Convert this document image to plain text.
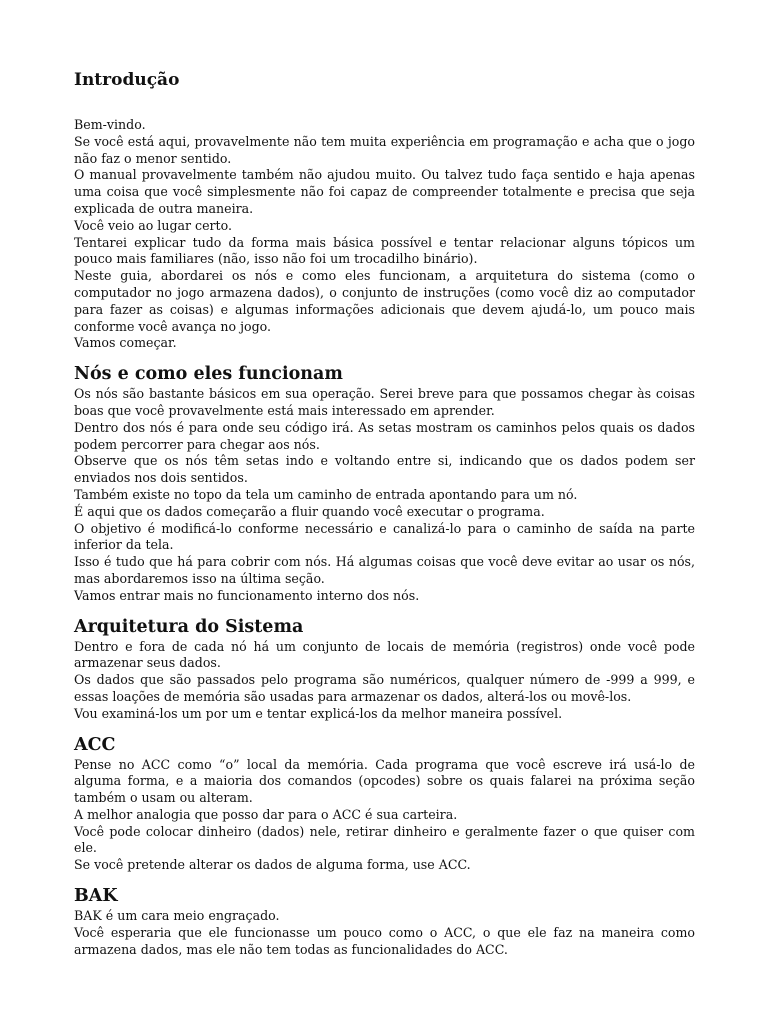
Introdução

Bem-vindo.

Se você está aqui, provavelmente não tem muita experiência em programação e acha que o jogo não faz o menor sentido.

O manual provavelmente também não ajudou muito. Ou talvez tudo faça sentido e haja apenas uma coisa que você simplesmente não foi capaz de compreender totalmente e precisa que seja explicada de outra maneira.

Você veio ao lugar certo.

Tentarei explicar tudo da forma mais básica possível e tentar relacionar alguns tópicos um pouco mais familiares (não, isso não foi um trocadilho binário).

Neste guia, abordarei os nós e como eles funcionam, a arquitetura do sistema (como o computador no jogo armazena dados), o conjunto de instruções (como você diz ao computador para fazer as coisas) e algumas informações adicionais que devem ajudá-lo, um pouco mais conforme você avança no jogo.

Vamos começar.

Nós e como eles funcionam

Os nós são bastante básicos em sua operação. Serei breve para que possamos chegar às coisas boas que você provavelmente está mais interessado em aprender.

Dentro dos nós é para onde seu código irá. As setas mostram os caminhos pelos quais os dados podem percorrer para chegar aos nós.

Observe que os nós têm setas indo e voltando entre si, indicando que os dados podem ser enviados nos dois sentidos.

Também existe no topo da tela um caminho de entrada apontando para um nó.

É aqui que os dados começarão a fluir quando você executar o programa.

O objetivo é modificá-lo conforme necessário e canalizá-lo para o caminho de saída na parte inferior da tela.

Isso é tudo que há para cobrir com nós. Há algumas coisas que você deve evitar ao usar os nós, mas abordaremos isso na última seção.

Vamos entrar mais no funcionamento interno dos nós.

Arquitetura do Sistema

Dentro e fora de cada nó há um conjunto de locais de memória (registros) onde você pode armazenar seus dados.

Os dados que são passados pelo programa são numéricos, qualquer número de -999 a 999, e essas loações de memória são usadas para armazenar os dados, alterá-los ou movê-los.

Vou examiná-los um por um e tentar explicá-los da melhor maneira possível.

ACC

Pense no ACC como “o” local da memória. Cada programa que você escreve irá usá-lo de alguma forma, e a maioria dos comandos (opcodes) sobre os quais falarei na próxima seção também o usam ou alteram.

A melhor analogia que posso dar para o ACC é sua carteira.

Você pode colocar dinheiro (dados) nele, retirar dinheiro e geralmente fazer o que quiser com ele.

Se você pretende alterar os dados de alguma forma, use ACC.

BAK

BAK é um cara meio engraçado.

Você esperaria que ele funcionasse um pouco como o ACC, o que ele faz na maneira como armazena dados, mas ele não tem todas as funcionalidades do ACC.
